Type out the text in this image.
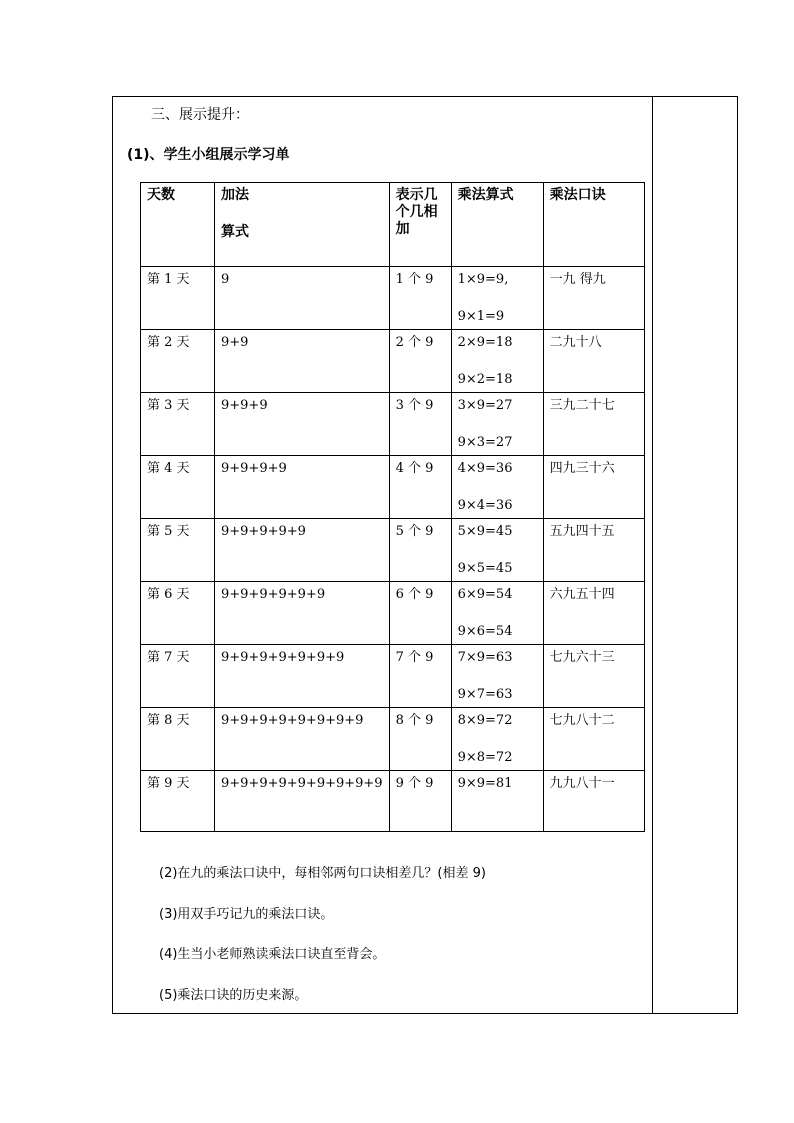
三、展示提升：
(1)、学生小组展示学习单
天数	加法
算式	表示几个几相加	乘法算式	乘法口诀
第 1 天	9	1 个 9	1×9=9,
9×1=9	一九 得九
第 2 天	9+9	2 个 9	2×9=18
9×2=18	二九十八
第 3 天	9+9+9	3 个 9	3×9=27
9×3=27	三九二十七
第 4 天	9+9+9+9	4 个 9	4×9=36
9×4=36	四九三十六
第 5 天	9+9+9+9+9	5 个 9	5×9=45
9×5=45	五九四十五
第 6 天	9+9+9+9+9+9	6 个 9	6×9=54
9×6=54	六九五十四
第 7 天	9+9+9+9+9+9+9	7 个 9	7×9=63
9×7=63	七九六十三
第 8 天	9+9+9+9+9+9+9+9	8 个 9	8×9=72
9×8=72	七九八十二
第 9 天	9+9+9+9+9+9+9+9+9	9 个 9	9×9=81	九九八十一
(2)在九的乘法口诀中，每相邻两句口诀相差几？(相差 9)
(3)用双手巧记九的乘法口诀。
(4)生当小老师熟读乘法口诀直至背会。
(5)乘法口诀的历史来源。
